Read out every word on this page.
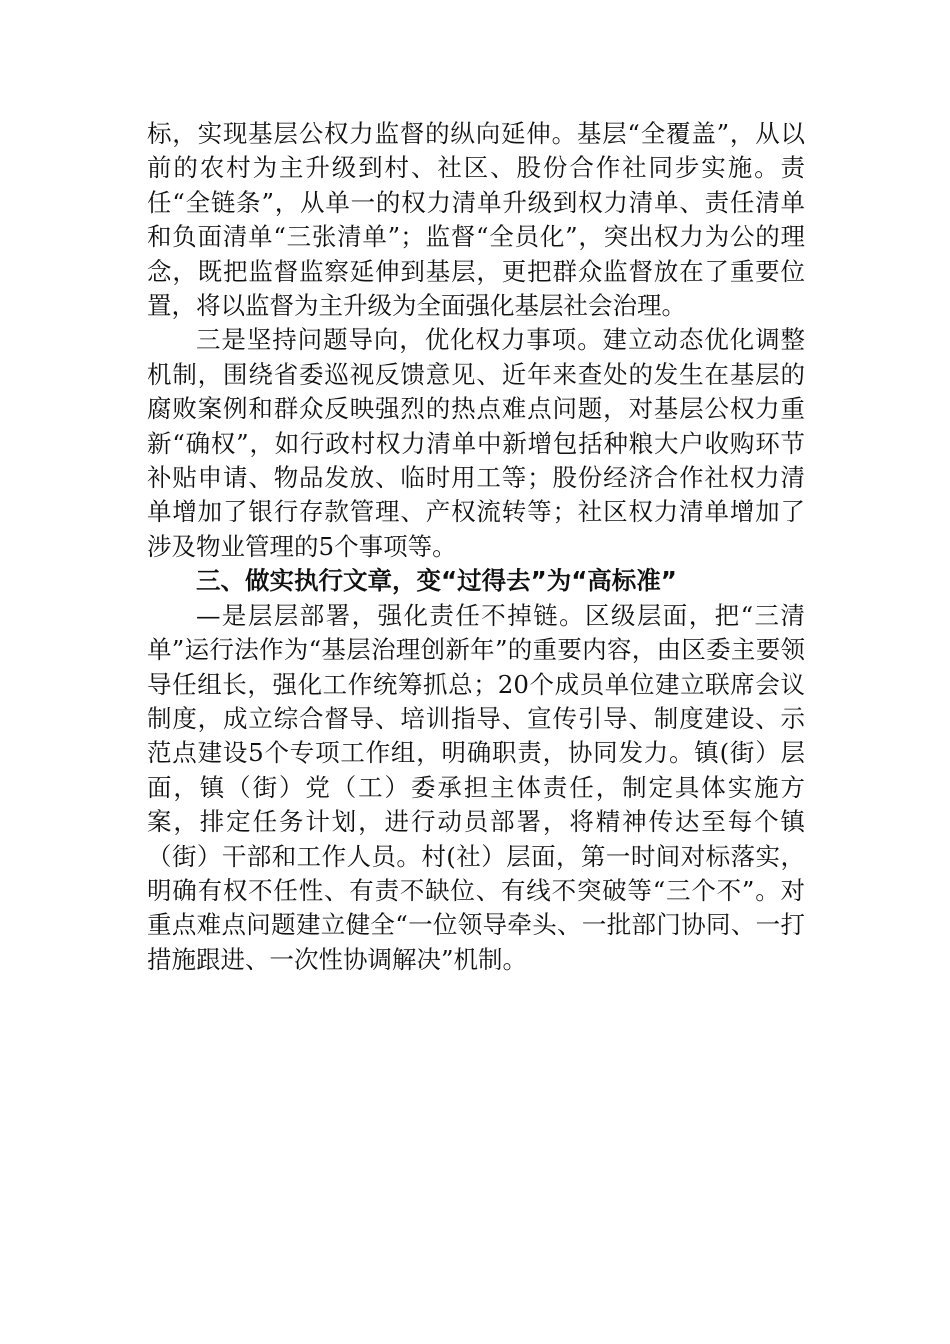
标，实现基层公权力监督的纵向延伸。基层“全覆盖”，从以前的农村为主升级到村、社区、股份合作社同步实施。责任“全链条”，从单一的权力清单升级到权力清单、责任清单和负面清单“三张清单”；监督“全员化”，突出权力为公的理念，既把监督监察延伸到基层，更把群众监督放在了重要位置，将以监督为主升级为全面强化基层社会治理。

三是坚持问题导向，优化权力事项。建立动态优化调整机制，围绕省委巡视反馈意见、近年来查处的发生在基层的腐败案例和群众反映强烈的热点难点问题，对基层公权力重新“确权”，如行政村权力清单中新增包括种粮大户收购环节补贴申请、物品发放、临时用工等；股份经济合作社权力清单增加了银行存款管理、产权流转等；社区权力清单增加了涉及物业管理的5个事项等。

三、做实执行文章，变“过得去”为“高标准”

—是层层部署，强化责任不掉链。区级层面，把“三清单”运行法作为“基层治理创新年”的重要内容，由区委主要领导任组长，强化工作统筹抓总；20个成员单位建立联席会议制度，成立综合督导、培训指导、宣传引导、制度建设、示范点建设5个专项工作组，明确职责，协同发力。镇(街）层面，镇（街）党（工）委承担主体责任，制定具体实施方案，排定任务计划，进行动员部署，将精神传达至每个镇（街）干部和工作人员。村(社）层面，第一时间对标落实，明确有权不任性、有责不缺位、有线不突破等“三个不”。对重点难点问题建立健全“一位领导牵头、一批部门协同、一打措施跟进、一次性协调解决”机制。
